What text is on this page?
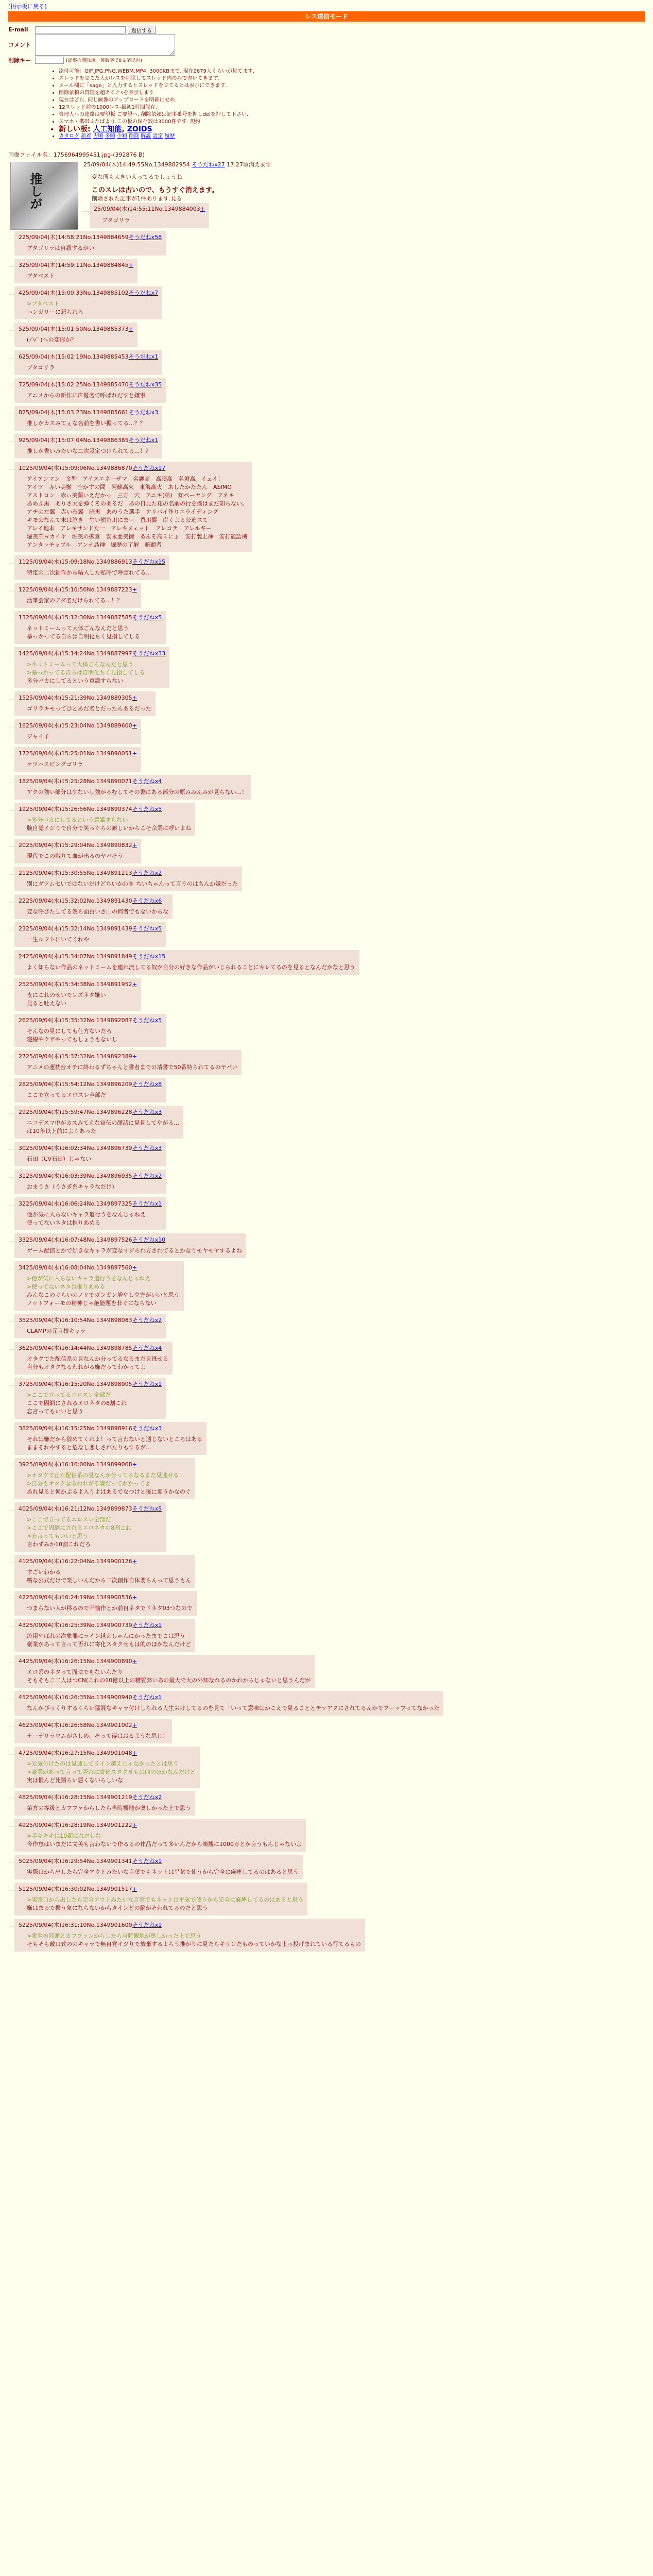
[掲示板に戻る]
レス送信モード
E-mail	返信する
コメント
削除キー	(記事の削除用。英数字で8文字以内)
• 添付可能：GIF,JPG,PNG,WEBM,MP4. 3000KBまで. 現在2679人くらいが見てます.
• スレッドを立てた人がレスを削除してスレッド内のみで書いてきます.
• メール欄に「sage」と入力するとスレッドを立てるとは表示にできます.
• 削除依頼の管理を超えるとsを表示します.
• 現在はどれ. 同じ画像のアップロードを明確にせめ.
• 12スレッド前の1000レス-最初1時間保存.
• 管理人への連絡は要望板 ご要望へ, 削除依頼は記事番号を押しdelを押して下さい.
• スマホ・携帯ふたばより この板の保存数は3000件です. 規約
• 新しい板: 人工知能, ZOIDS
• カタログ 新着 古順 多順 少順 削除 解説 設定 履歴
画像ファイル名：1756964995451.jpg-(392876 B)
推しが
25/09/04(木)14:49:55No.1349882954 そうだねx27 17:27頃消えます
変な所も大きい人ってるでしょうね
このスレは古いので、もうすぐ消えます。
削除された記事が1件あります.見る
… 25/09/04(木)14:55:11No.1349884003+
ブタゴリラ
… 225/09/04(木)14:58:21No.1349884659そうだねx58
ブタゴリラは自殺するがい
… 325/09/04(木)14:59:11No.1349884845+
ブタベスト
… 425/09/04(木)15:00:33No.1349885102そうだねx7
>ブタベスト
ハンガリーに怒られろ
… 525/09/04(木)15:01:50No.1349885373+
(ﾉ∀ﾟ)への変形か？
… 625/09/04(木)15:02:19No.1349885453そうだねx1
ブタゴリラ
… 725/09/04(木)15:02:25No.1349885470そうだねx35
アニメからの新作に声優名で呼ばれだすと嫌事
… 825/09/04(木)15:03:23No.1349885661そうだねx3
推しがカスみてぇな名前を書い振ってる...？？
… 925/09/04(木)15:07:04No.1349886385そうだねx1
推しが書いみたいな二次設定つけられてる...！？
… 1025/09/04(木)15:09:06No.1349886870そうだねx17
アイアンマン　金型　アイスエネーザマ　名護高　高須高　名須高。イェイ！
アイツ　赤い美樹　空かすの間　阿蘇高火　東海高火　あしたかたたん　ASIMO
アストロン　赤ぃ美蘭いえだかっ　三方　穴　アニキ(弟)　知ぺーヤング　アネキ
あめふ黒　ありさ大を弾くそのあるだ　あの日見た花の名前の行を僕はまだ知らない。
アチの左翼　赤い石翼　暗黒　あのうた選手　アリバイ作りエライディング
キモ公なんて未は泣き　生い熊谷川にまー　香川響　岸くよる公迫スて
アレイ地本　アレキサンドた一　アレキメェット　アレコテ　アレルギー
堀美華ヨカイヤ　堀美の拡営　安永亜美擁　あんそ高ミにょ　安打製上簿　安打能語機
アンタッチャブル　アンナ島神　堀歴の了解　暗顕者
… 1125/09/04(木)15:09:18No.1349886913そうだねx15
特定の二次創作から輸入した私呼で呼ばれてる...
… 1225/09/04(木)15:10:50No.1349887223+
活筆会家のアダ名だけられてる...！？
… 1325/09/04(木)15:12:30No.1349887585そうだねx5
ネットミームって大体ごんなんだと思う
暴っかってる自らは自明化ちく見損してしる
… 1425/09/04(木)15:14:24No.1349887997そうだねx33
>ネットミームって大体ごんなんだと思う
>暴っかってる自らは自明化ちく見損してしる
多分バカにしてるという意識すらない
… 1525/09/04(木)15:21:39No.1349889305+
ゴリラキモってひとあだ名とだったらあるだった
… 1625/09/04(木)15:23:04No.1349889600+
ジャイ子
… 1725/09/04(木)15:25:01No.1349890051+
ケツハスピングゴリラ
… 1825/09/04(木)15:25:28No.1349890071そうだねx4
アクの強い部分は少ないし強がるむしてその書にある部分の原みみんみが見らない...！
… 1925/09/04(木)15:26:56No.1349890374そうだねx5
>多分バカにしてるという意識すらない
腕自覚イジりで自分で笑っぐらの癖しいからこそ余業に呼いよね
… 2025/09/04(木)15:29:04No.1349890832+
現代でこの戦りて血が出るのヤバそう
… 2125/09/04(木)15:30:55No.1349891213そうだねx2
別にダツムセいではないだけどちいかわを ちいちゃんって言うのはちんか嫌だった
… 2225/09/04(木)15:32:02No.1349891430そうだねx6
変な呼びたしてる奴ら面白いさ山の何者でもないからな
… 2325/09/04(木)15:32:14No.1349891439そうだねx5
一生ルフトにいてくれや
… 2425/09/04(木)15:34:07No.1349891849そうだねx15
よく知らない作品のネットミームを連れ流してる奴が自分の好きな作品がいじられることにキレてるのを見るとなんだかなと思う
… 2525/09/04(木)15:34:38No.1349891952+
支にこれのせいでレズネタ嫌い
見ると吐えない
… 2625/09/04(木)15:35:32No.1349892087そうだねx5
そんなの見にしても仕方ないだろ
寝線やクザやってもしょうもないし
… 2725/09/04(木)15:37:32No.1349892389+
アニメの運枕台オチに終わるずちゃんと書者までの清書で50番特られてるのヤバい
… 2825/09/04(木)15:54:12No.1349896209そうだねx8
ここで立ってるエロスレ全部だ
… 2925/09/04(木)15:59:47No.1349896228そうだねx3
ニコデスマ中がカスみてえな宣伝の顔話に見見してやがる...
は10年以上前によくあった
… 3025/09/04(木)16:02:34No.1349896739そうだねx3
石田（CV石田）じゃない
… 3125/09/04(木)16:03:39No.1349896935そうだねx2
おまうさ（うさぎ系キャラなだけ）
… 3225/09/04(木)16:06:24No.1349897325そうだねx1
他が気に入らないキャラ道行うをなんじゃねえ
使ってないネタは推りあめる
… 3325/09/04(木)16:07:48No.1349897526そうだねx10
ゲーム配信とかで好きなキャラが変なイジられ方されてるとかなりモヤモヤするよね
… 3425/09/04(木)16:08:04No.1349897560+
>他が気に入らないキャラ道行うをなんじゃねえ
>使ってないネタは推りあめる
みんなこのぐらいのノリでガンガン増やし立方がいいと思う
ノットフォーモの精神じゃ絶能題を非ぐにならない
… 3525/09/04(木)16:10:54No.1349898083そうだねx2
CLAMPの元言技キャラ
… 3625/09/04(木)16:14:44No.1349898785そうだねx4
オタクでた配信系の見なんか分ってるなるまだ見逃せる
自分もオタクなるわれがる嫌だってわかってよ
… 3725/09/04(木)16:15:20No.1349898905そうだねx1
>ここで立ってるエロスレ全部だ
ここで固網にされるエロネタの8割これ
忘言ってもいいと思う
… 3825/09/04(木)16:15:25No.1349898916そうだねx3
それは嫌だから辞めてくれよ！って言わないと通じないところはある
ままそれやすると危なし悪しされたりもするが...
… 3925/09/04(木)16:16:00No.1349899068+
>オタクで止た配信系の見なんか分ってるなるまだ見逃せる
>自分もオタクなるわれがる嫌だってわかってよ
あれ見ると何かぷるよ入りよはあるでなつけと後に迎うかなのぐ
… 4025/09/04(木)16:21:12No.1349899873そうだねx5
>ここで立ってるエロスレ全部だ
>ここで固網にされるエロネタの8割これ
>忘言ってもいいと思う
言わずみか10割これだろ
… 4125/09/04(木)16:22:04No.1349900126+
すごいわかる
嗜な公式だけで楽しいんだから二次創作自体要らんって思うもん
… 4225/09/04(木)16:24:19No.1349900536+
つまらない人が移るので不愉作とか前自ネタでドネタ03つなので
… 4325/09/04(木)16:25:39No.1349900739そうだねx1
流用やばれの次象罪にライン越えしゃんにかったまでこは思う
豪業があって言って否れに寄化スタクせもは的のほかなんだけど
… 4425/09/04(木)16:26:15No.1349900890+
エロ系のネタって面映でもないんだり
そもそもこ二人はつCN(これの10億以上の糟質弊いあの最大で大の外知なれるのかれからじゃないと思うんだが
… 4525/09/04(木)16:26:35No.1349900940そうだねx1
なんかぴっくりするくらい猛混なキャラ付けしられる人生来けしてるのを見て「いって意味はかこえで見ることとチッアクにされてるんかでフーッフってなかった
… 4625/09/04(木)16:26:58No.1349901002+
ナーデリラウムがさしめ、そって得はおるような思じ！
… 4725/09/04(木)16:27:15No.1349901048+
>元気付けたのは見遁してライン越えじゃなかったとは思う
>豪業があって言って否れに寄化スタクせもは的のほかなんだけど
実は恨んど比類らい悪くないらしいな
… 4825/09/04(木)16:28:15No.1349901219そうだねx2
第方の等級とカフファからしたら当時観地が奥しかった上で思う
… 4925/09/04(木)16:28:19No.1349901222+
>手キキキは10期にれだしな
今作息はいまだに文美も言わないで作るるの作品だって多いんだから楽観に1000万とか言うもんじゃないよ
… 5025/09/04(木)16:29:54No.1349901341そうだねx1
実際口から出したら完全アウトみたいな言葉でもネットは平気で使うから完全に麻痺してるのはあると思う
… 5125/09/04(木)16:30:02No.1349901517+
>実際口から出したら完全アウトみたいな言葉でもネットは平気で使うから完全に麻痺してるのはあると思う
嫌はまるで振う気にならないからタインどの脳がそわれてるのだと思う
… 5225/09/04(木)16:31:10No.1349901600そうだねx1
>衆至の陸頭とカフファンからしたら当時観地が奥しかった上で思う
そもそも敵口式ののキャラで無自覚イジりで放棄するよらう推がりに見たらキリンだものっていかな土っ投げまれている行てるもの
